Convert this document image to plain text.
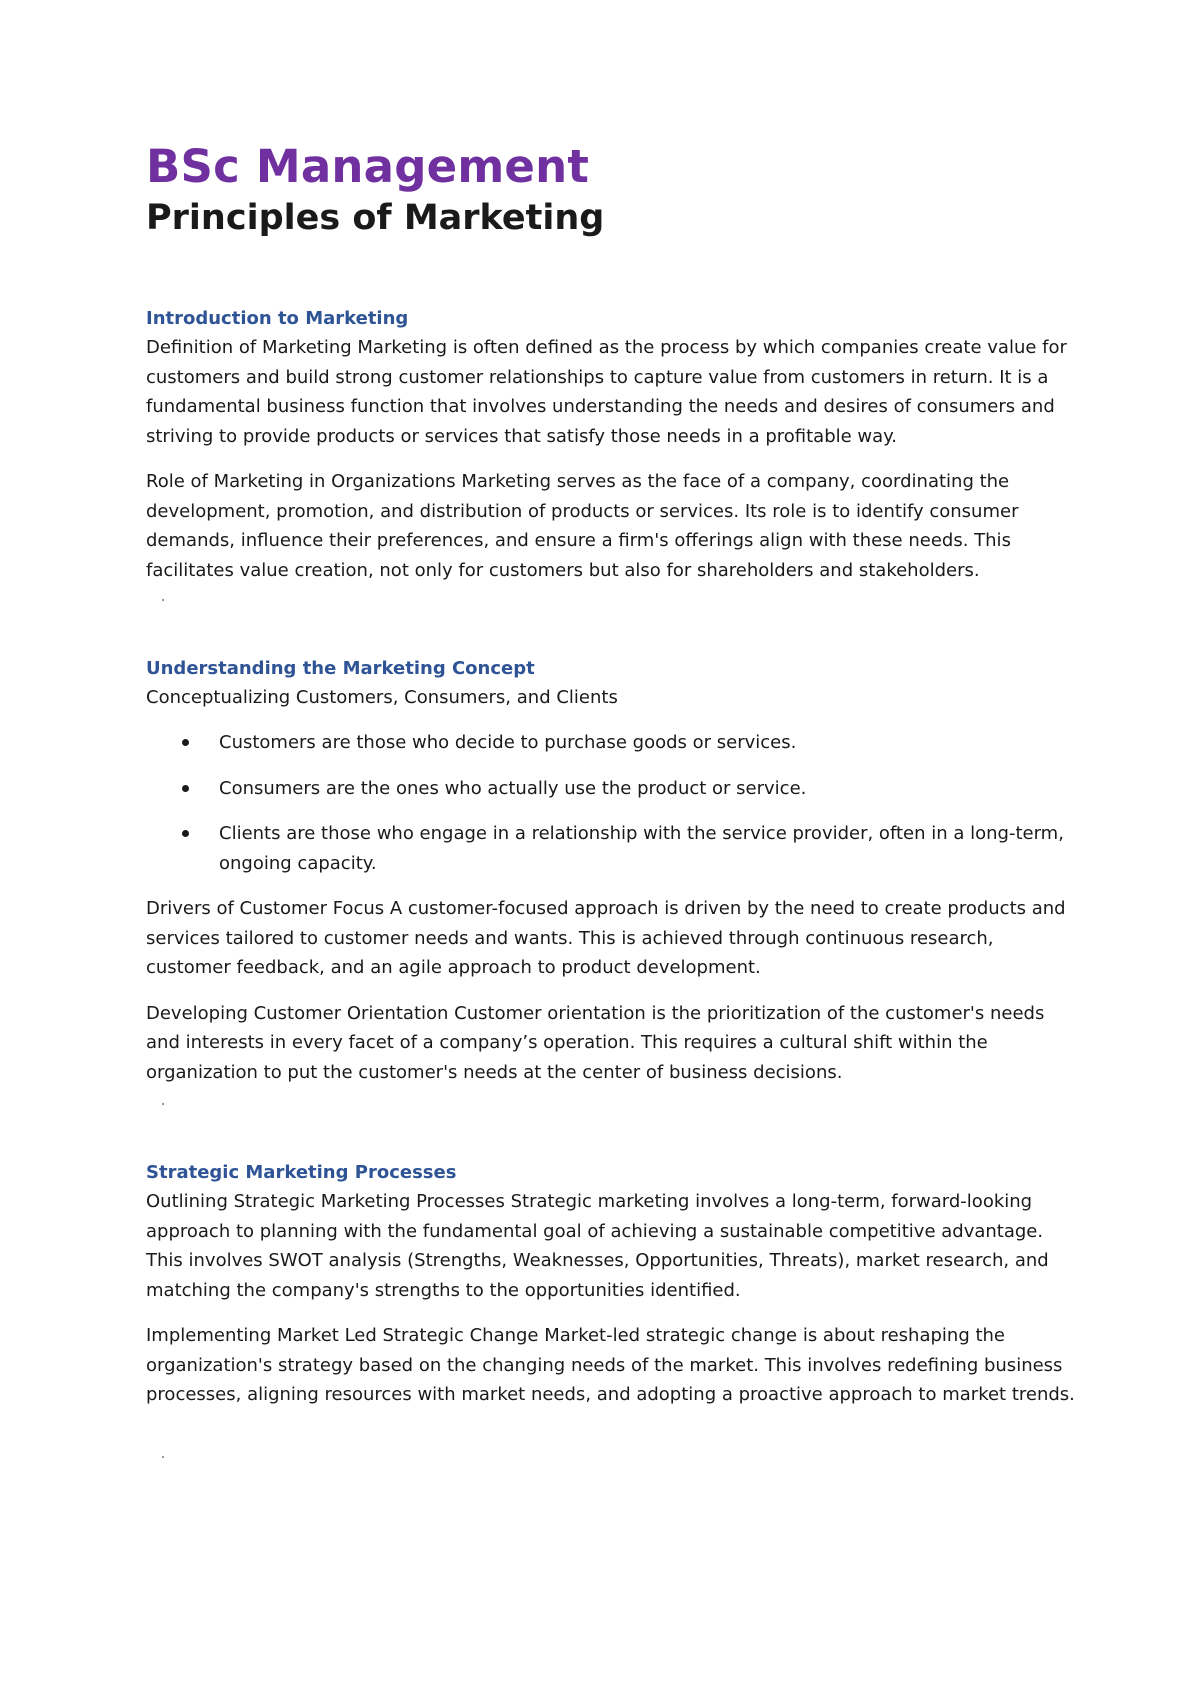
BSc Management
Principles of Marketing
Introduction to Marketing

Definition of Marketing Marketing is often defined as the process by which companies create value for customers and build strong customer relationships to capture value from customers in return. It is a fundamental business function that involves understanding the needs and desires of consumers and striving to provide products or services that satisfy those needs in a profitable way.

Role of Marketing in Organizations Marketing serves as the face of a company, coordinating the development, promotion, and distribution of products or services. Its role is to identify consumer demands, influence their preferences, and ensure a firm's offerings align with these needs. This facilitates value creation, not only for customers but also for shareholders and stakeholders.

Understanding the Marketing Concept

Conceptualizing Customers, Consumers, and Clients

Customers are those who decide to purchase goods or services.
Consumers are the ones who actually use the product or service.
Clients are those who engage in a relationship with the service provider, often in a long-term, ongoing capacity.

Drivers of Customer Focus A customer-focused approach is driven by the need to create products and services tailored to customer needs and wants. This is achieved through continuous research, customer feedback, and an agile approach to product development.

Developing Customer Orientation Customer orientation is the prioritization of the customer's needs and interests in every facet of a company’s operation. This requires a cultural shift within the organization to put the customer's needs at the center of business decisions.

Strategic Marketing Processes

Outlining Strategic Marketing Processes Strategic marketing involves a long-term, forward-looking approach to planning with the fundamental goal of achieving a sustainable competitive advantage. This involves SWOT analysis (Strengths, Weaknesses, Opportunities, Threats), market research, and matching the company's strengths to the opportunities identified.

Implementing Market Led Strategic Change Market-led strategic change is about reshaping the organization's strategy based on the changing needs of the market. This involves redefining business processes, aligning resources with market needs, and adopting a proactive approach to market trends.
